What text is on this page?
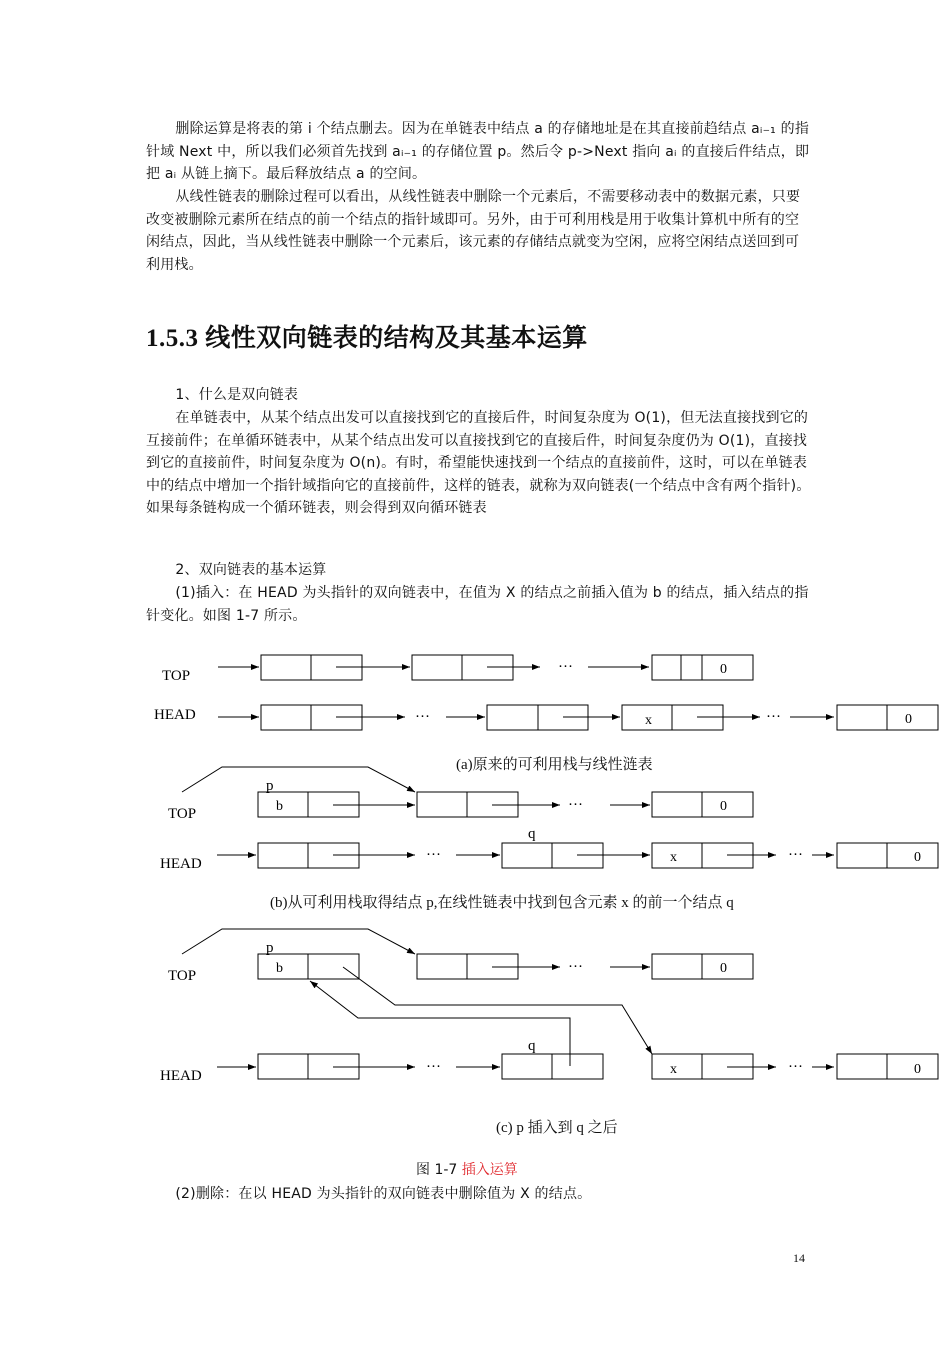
删除运算是将表的第 i 个结点删去。因为在单链表中结点 a 的存储地址是在其直接前趋结点 aᵢ₋₁ 的指针域 Next 中，所以我们必须首先找到 aᵢ₋₁ 的存储位置 p。然后令 p->Next 指向 aᵢ 的直接后件结点，即把 aᵢ 从链上摘下。最后释放结点 a 的空间。

从线性链表的删除过程可以看出，从线性链表中删除一个元素后，不需要移动表中的数据元素，只要改变被删除元素所在结点的前一个结点的指针域即可。另外，由于可利用栈是用于收集计算机中所有的空闲结点，因此，当从线性链表中删除一个元素后，该元素的存储结点就变为空闲，应将空闲结点送回到可利用栈。

1.5.3 线性双向链表的结构及其基本运算

1、什么是双向链表

在单链表中，从某个结点出发可以直接找到它的直接后件，时间复杂度为 O(1)，但无法直接找到它的互接前件；在单循环链表中，从某个结点出发可以直接找到它的直接后件，时间复杂度仍为 O(1)，直接找到它的直接前件，时间复杂度为 O(n)。有时，希望能快速找到一个结点的直接前件，这时，可以在单链表中的结点中增加一个指针域指向它的直接前件，这样的链表，就称为双向链表(一个结点中含有两个指针)。如果每条链构成一个循环链表，则会得到双向循环链表

2、双向链表的基本运算

(1)插入：在 HEAD 为头指针的双向链表中，在值为 X 的结点之前插入值为 b 的结点，插入结点的指针变化。如图 1-7 所示。

TOP
HEAD
···
···	···
0
x	0
TOP
HEAD
p
b	0
···
q
···	x	···	0
TOP
HEAD
p
b	0
···
q
···	x	···	0
(a)原来的可利用栈与线性涟表
(b)从可利用栈取得结点 p,在线性链表中找到包含元素 x 的前一个结点 q
(c) p 插入到 q 之后
图 1-7 插入运算

(2)删除：在以 HEAD 为头指针的双向链表中删除值为 X 的结点。

14
